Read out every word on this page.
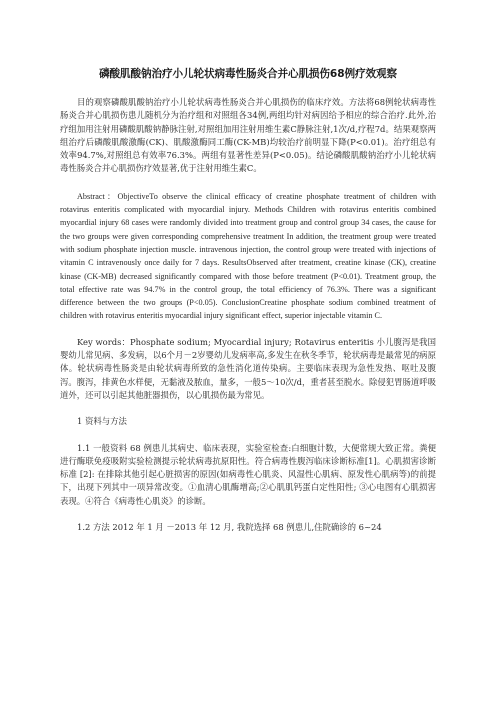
磷酸肌酸钠治疗小儿轮状病毒性肠炎合并心肌损伤68例疗效观察

目的观察磷酸肌酸钠治疗小儿轮状病毒性肠炎合并心肌损伤的临床疗效。方法将68例轮状病毒性肠炎合并心肌损伤患儿随机分为治疗组和对照组各34例,两组均针对病因给予相应的综合治疗.此外,治疗组加用注射用磷酸肌酸钠静脉注射,对照组加用注射用维生素C静脉注射,1次/d,疗程7d。结果观察两组治疗后磷酸肌酸激酶(CK)、肌酸激酶同工酶(CK-MB)均较治疗前明显下降(P<0.01)。治疗组总有效率94.7%,对照组总有效率76.3%。两组有显著性差异(P<0.05)。结论磷酸肌酸钠治疗小儿轮状病毒性肠炎合并心肌损伤疗效显著,优于注射用维生素C。

Abstract：ObjectiveTo observe the clinical efficacy of creatine phosphate treatment of children with rotavirus enteritis complicated with myocardial injury. Methods Children with rotavirus enteritis combined myocardial injury 68 cases were randomly divided into treatment group and control group 34 cases, the cause for the two groups were given corresponding comprehensive treatment In addition, the treatment group were treated with sodium phosphate injection muscle. intravenous injection, the control group were treated with injections of vitamin C intravenously once daily for 7 days. ResultsObserved after treatment, creatine kinase (CK), creatine kinase (CK-MB) decreased significantly compared with those before treatment (P<0.01). Treatment group, the total effective rate was 94.7% in the control group, the total efficiency of 76.3%. There was a significant difference between the two groups (P<0.05). ConclusionCreatine phosphate sodium combined treatment of children with rotavirus enteritis myocardial injury significant effect, superior injectable vitamin C.

Key words：Phosphate sodium; Myocardial injury; Rotavirus enteritis 小儿腹泻是我国婴幼儿常见病、多发病，以6个月－2岁婴幼儿发病率高,多发生在秋冬季节，轮状病毒是最常见的病原体。轮状病毒性肠炎是由轮状病毒所致的急性消化道传染病。主要临床表现为急性发热、呕吐及腹泻。腹泻，排黄色水样便，无黏液及脓血，量多，一般5～10次/d，重者甚至脱水。除侵犯胃肠道呼吸道外，还可以引起其他脏器损伤，以心肌损伤最为常见。

1 资料与方法

1.1 一般资料 68 例患儿其病史、临床表现，实验室检查:白细胞计数，大便常规大致正常。粪便进行酶联免疫吸附实验检测提示轮状病毒抗原阳性。符合病毒性腹泻临床诊断标准[1]。心肌损害诊断标准 [2]: 在排除其他引起心脏损害的原因(如病毒性心肌炎、风湿性心肌病、原发性心肌病等)的前提下，出现下列其中一项异常改变。①血清心肌酶增高;②心肌肌钙蛋白定性阳性; ③心电图有心肌损害表现。④符合《病毒性心肌炎》的诊断。

1.2 方法 2012 年 1 月 －2013 年 12 月, 我院选择 68 例患儿,住院确诊的 6~24
